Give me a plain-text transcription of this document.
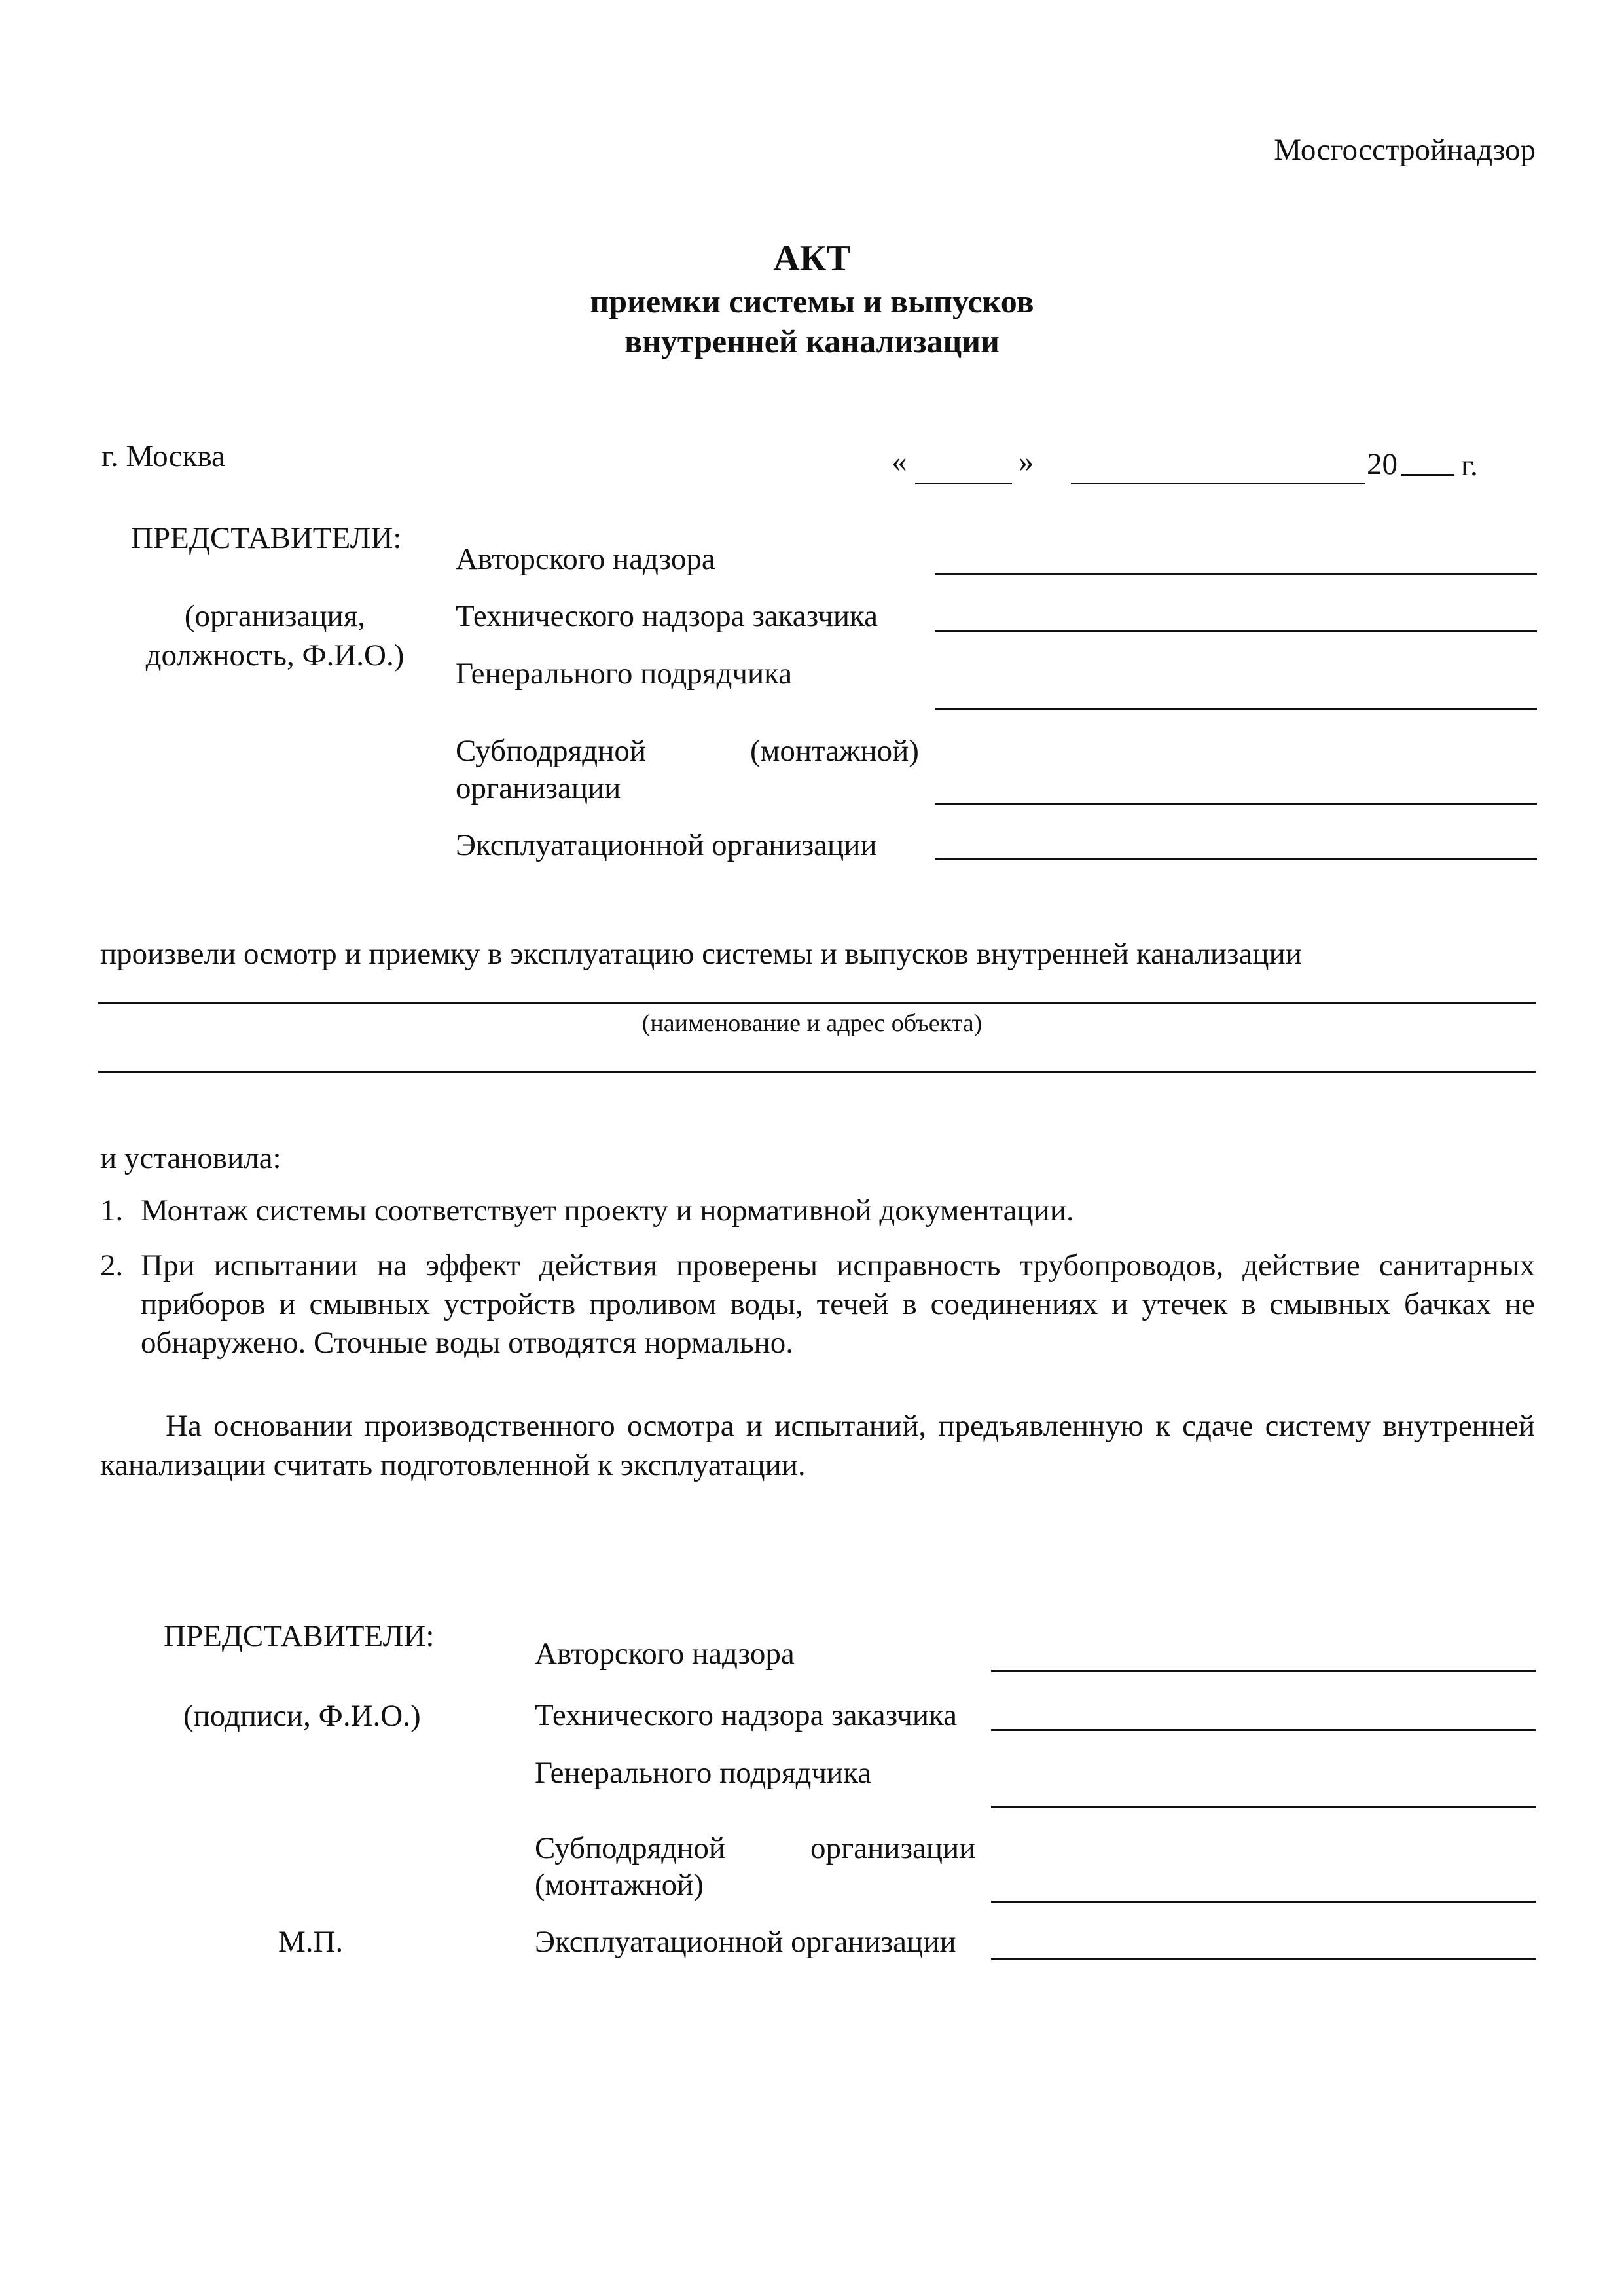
Мосгосстройнадзор
АКТ
приемки системы и выпусков
внутренней канализации
г. Москва	«	»	20 г.
ПРЕДСТАВИТЕЛИ:
(организация,
должность, Ф.И.О.)
Авторского надзора
Технического надзора заказчика
Генерального подрядчика
Субподрядной	(монтажной)
организации
Эксплуатационной организации
произвели осмотр и приемку в эксплуатацию системы и выпусков внутренней канализации
(наименование и адрес объекта)
и установила:
1. Монтаж системы соответствует проекту и нормативной документации.
2. При испытании на эффект действия проверены исправность трубопроводов, действие санитарных приборов и смывных устройств проливом воды, течей в соединениях и утечек в смывных бачках не обнаружено. Сточные воды отводятся нормально.
На основании производственного осмотра и испытаний, предъявленную к сдаче систему внутренней канализации считать подготовленной к эксплуатации.
ПРЕДСТАВИТЕЛИ:
(подписи, Ф.И.О.)
М.П.
Авторского надзора
Технического надзора заказчика
Генерального подрядчика
Субподрядной	организации
(монтажной)
Эксплуатационной организации
